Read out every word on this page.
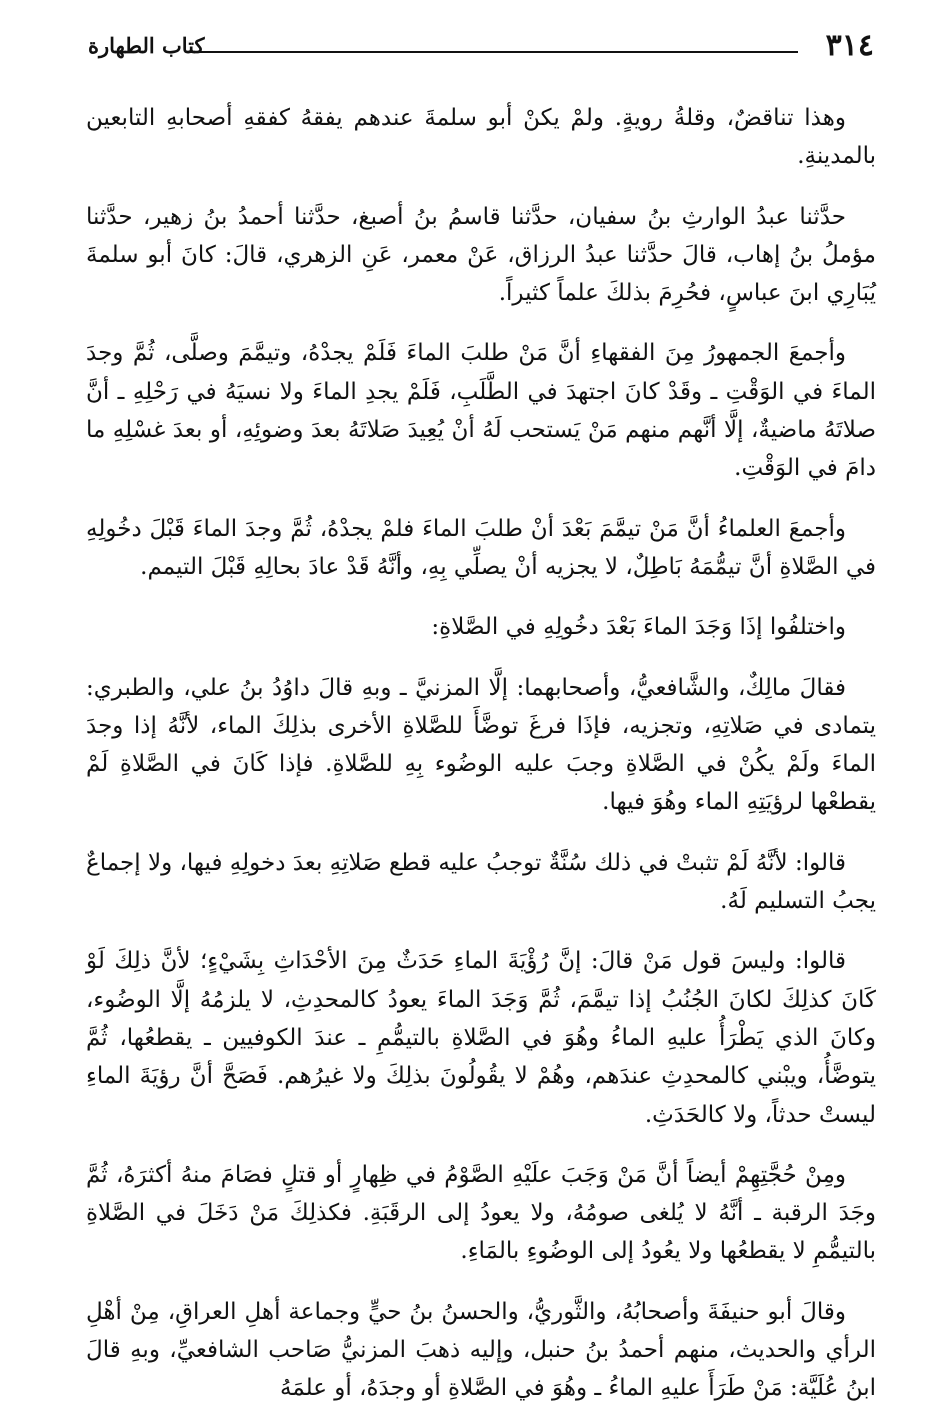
٣١٤
كتاب الطهارة

وهذا تناقضٌ، وقلةُ رويةٍ. ولمْ يكنْ أبو سلمةَ عندهم يفقهُ كفقهِ أصحابهِ التابعين بالمدينةِ.

حدَّثنا عبدُ الوارثِ بنُ سفيان، حدَّثنا قاسمُ بنُ أصبغ، حدَّثنا أحمدُ بنُ زهير، حدَّثنا مؤملُ بنُ إهاب، قالَ حدَّثنا عبدُ الرزاق، عَنْ معمر، عَنِ الزهري، قالَ: كانَ أبو سلمةَ يُبَارِي ابنَ عباسٍ، فحُرِمَ بذلكَ علماً كثيراً.

وأجمعَ الجمهورُ مِنَ الفقهاءِ أنَّ مَنْ طلبَ الماءَ فَلَمْ يجدْهُ، وتيمَّمَ وصلَّى، ثُمَّ وجدَ الماءَ في الوَقْتِ ـ وقَدْ كانَ اجتهدَ في الطَّلَبِ، فَلَمْ يجدِ الماءَ ولا نسيَهُ في رَحْلِهِ ـ أنَّ صلاتَهُ ماضيةٌ، إلَّا أنَّهم منهم مَنْ يَستحب لَهُ أنْ يُعِيدَ صَلاتَهُ بعدَ وضوئِهِ، أو بعدَ غسْلِهِ ما دامَ في الوَقْتِ.

وأجمعَ العلماءُ أنَّ مَنْ تيمَّمَ بَعْدَ أنْ طلبَ الماءَ فلمْ يجدْهُ، ثُمَّ وجدَ الماءَ قَبْلَ دخُولِهِ في الصَّلاةِ أنَّ تيمُّمَهُ بَاطِلٌ، لا يجزيه أنْ يصلِّي بِهِ، وأنَّهُ قَدْ عادَ بحالِهِ قَبْلَ التيمم.

واختلفُوا إذَا وَجَدَ الماءَ بَعْدَ دخُولِهِ في الصَّلاةِ:

فقالَ مالِكٌ، والشَّافعيُّ، وأصحابهما: إلَّا المزنيَّ ـ وبهِ قالَ داوُدُ بنُ علي، والطبري: يتمادى في صَلاتِهِ، وتجزيه، فإذَا فرغَ توضَّأَ للصَّلاةِ الأخرى بذلِكَ الماء، لأنَّهُ إذا وجدَ الماءَ ولَمْ يكُنْ في الصَّلاةِ وجبَ عليه الوضُوء بِهِ للصَّلاةِ. فإذا كَانَ في الصَّلاةِ لَمْ يقطعْها لرؤيَتِهِ الماء وهُوَ فيها.

قالوا: لأنَّهُ لَمْ تثبتْ في ذلك سُنَّةٌ توجبُ عليه قطع صَلاتِهِ بعدَ دخولِهِ فيها، ولا إجماعٌ يجبُ التسليم لَهُ.

قالوا: وليسَ قول مَنْ قالَ: إنَّ رُؤْيَةَ الماءِ حَدَثٌ مِنَ الأحْدَاثِ بِشَيْءٍ؛ لأنَّ ذلِكَ لَوْ كَانَ كذلِكَ لكانَ الجُنُبُ إذا تيمَّمَ، ثُمَّ وَجَدَ الماءَ يعودُ كالمحدِثِ، لا يلزمُهُ إلَّا الوضُوء، وكانَ الذي يَطْرَأُ عليهِ الماءُ وهُوَ في الصَّلاةِ بالتيمُّمِ ـ عندَ الكوفيين ـ يقطعُها، ثُمَّ يتوضَّأُ، ويبْني كالمحدِثِ عندَهم، وهُمْ لا يقُولُونَ بذلِكَ ولا غيرُهم. فَصَحَّ أنَّ رؤيَةَ الماءِ ليستْ حدثاً، ولا كالحَدَثِ.

ومِنْ حُجَّتِهِمْ أيضاً أنَّ مَنْ وَجَبَ علَيْهِ الصَّوْمُ في ظِهارٍ أو قتلٍ فصَامَ منهُ أكثرَهُ، ثُمَّ وجَدَ الرقبة ـ أنَّهُ لا يُلغى صومُهُ، ولا يعودُ إلى الرقَبَةِ. فكذلِكَ مَنْ دَخَلَ في الصَّلاةِ بالتيمُّمِ لا يقطعُها ولا يعُودُ إلى الوضُوءِ بالمَاءِ.

وقالَ أبو حنيفَةَ وأصحابُهُ، والثَّوريُّ، والحسنُ بنُ حيٍّ وجماعة أهلِ العراقِ، مِنْ أهْلِ الرأي والحديث، منهم أحمدُ بنُ حنبل، وإليه ذهبَ المزنيُّ صَاحب الشافعيِّ، وبهِ قالَ ابنُ عُلَيَّة: مَنْ طَرَأَ عليهِ الماءُ ـ وهُوَ في الصَّلاةِ أو وجدَهُ، أو علمَهُ
